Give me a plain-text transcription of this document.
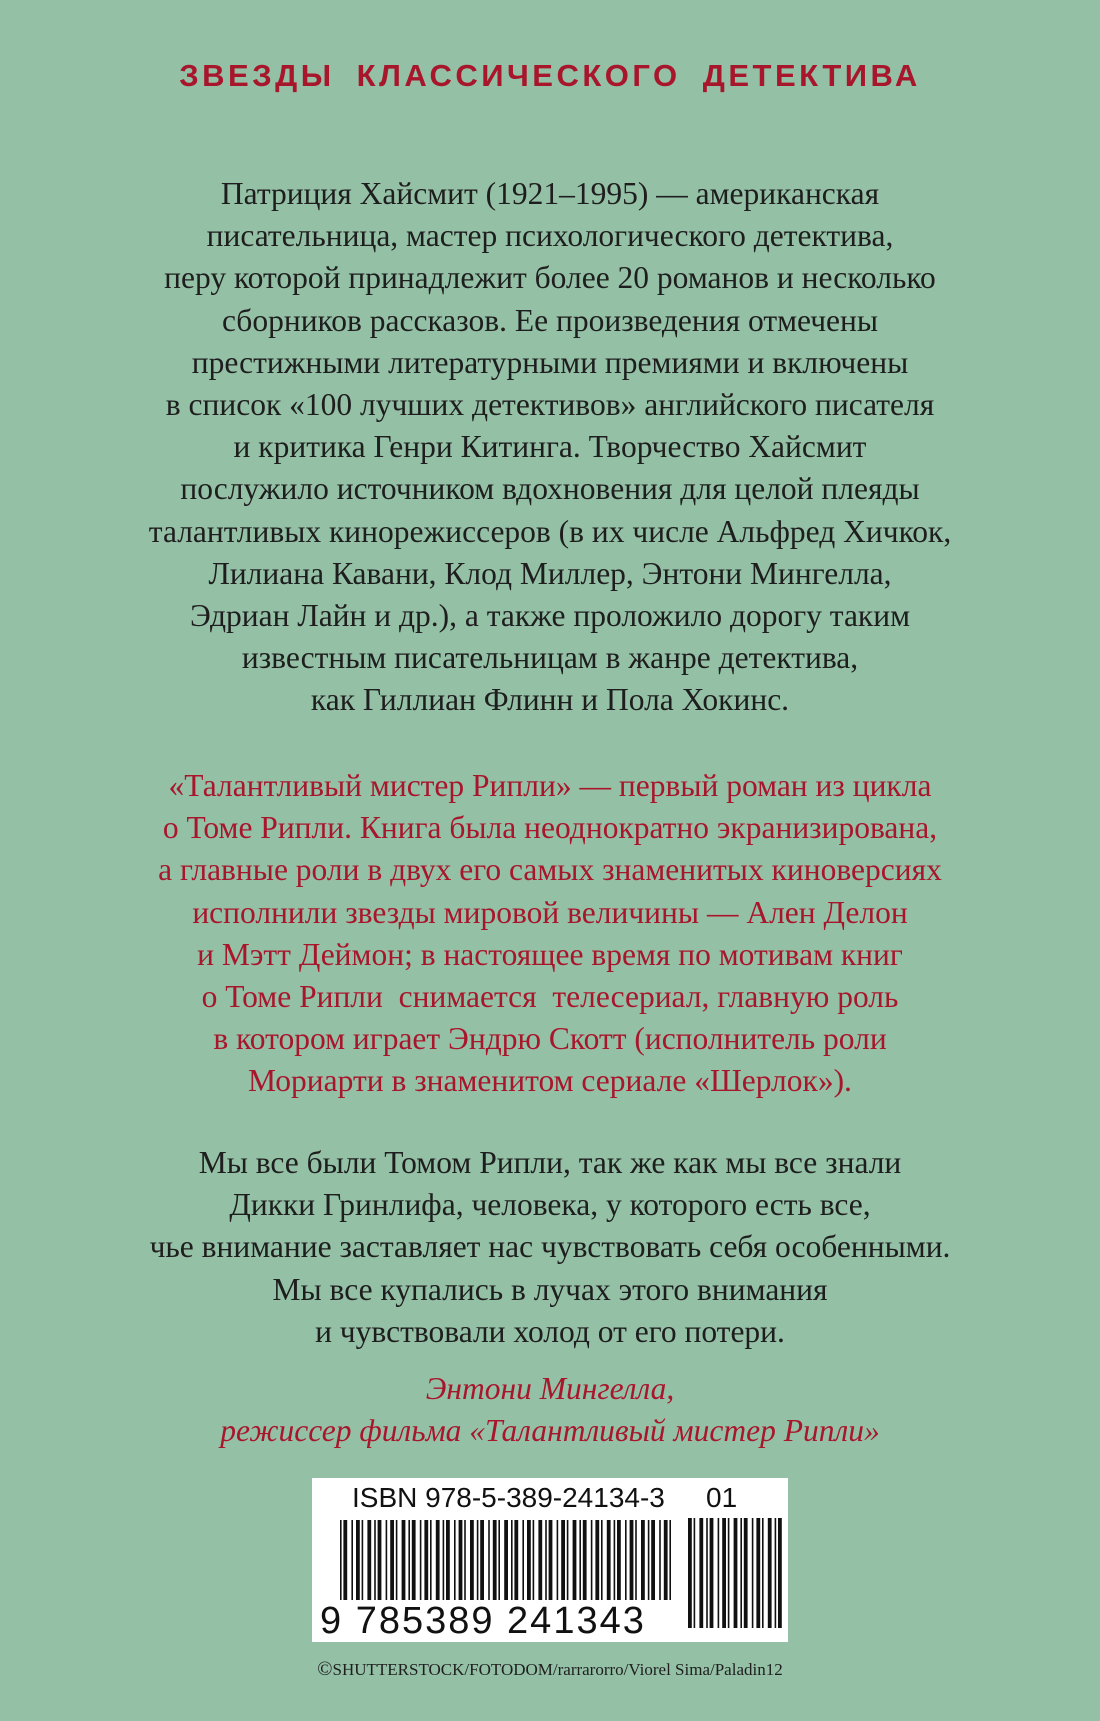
ЗВЕЗДЫ КЛАССИЧЕСКОГО ДЕТЕКТИВА
Патриция Хайсмит (1921–1995) — американская
писательница, мастер психологического детектива,
перу которой принадлежит более 20 романов и несколько
сборников рассказов. Ее произведения отмечены
престижными литературными премиями и включены
в список «100 лучших детективов» английского писателя
и критика Генри Китинга. Творчество Хайсмит
послужило источником вдохновения для целой плеяды
талантливых кинорежиссеров (в их числе Альфред Хичкок,
Лилиана Кавани, Клод Миллер, Энтони Мингелла,
Эдриан Лайн и др.), а также проложило дорогу таким
известным писательницам в жанре детектива,
как Гиллиан Флинн и Пола Хокинс.
«Талантливый мистер Рипли» — первый роман из цикла
о Томе Рипли. Книга была неоднократно экранизирована,
а главные роли в двух его самых знаменитых киноверсиях
исполнили звезды мировой величины — Ален Делон
и Мэтт Деймон; в настоящее время по мотивам книг
о Томе Рипли  снимается  телесериал, главную роль
в котором играет Эндрю Скотт (исполнитель роли
Мориарти в знаменитом сериале «Шерлок»).
Мы все были Томом Рипли, так же как мы все знали
Дикки Гринлифа, человека, у которого есть все,
чье внимание заставляет нас чувствовать себя особенными.
Мы все купались в лучах этого внимания
и чувствовали холод от его потери.
Энтони Мингелла,
режиссер фильма «Талантливый мистер Рипли»
ISBN 978-5-389-24134-3 01
9 785389 241343
©SHUTTERSTOCK/FOTODOM/rarrarorro/Viorel Sima/Paladin12
